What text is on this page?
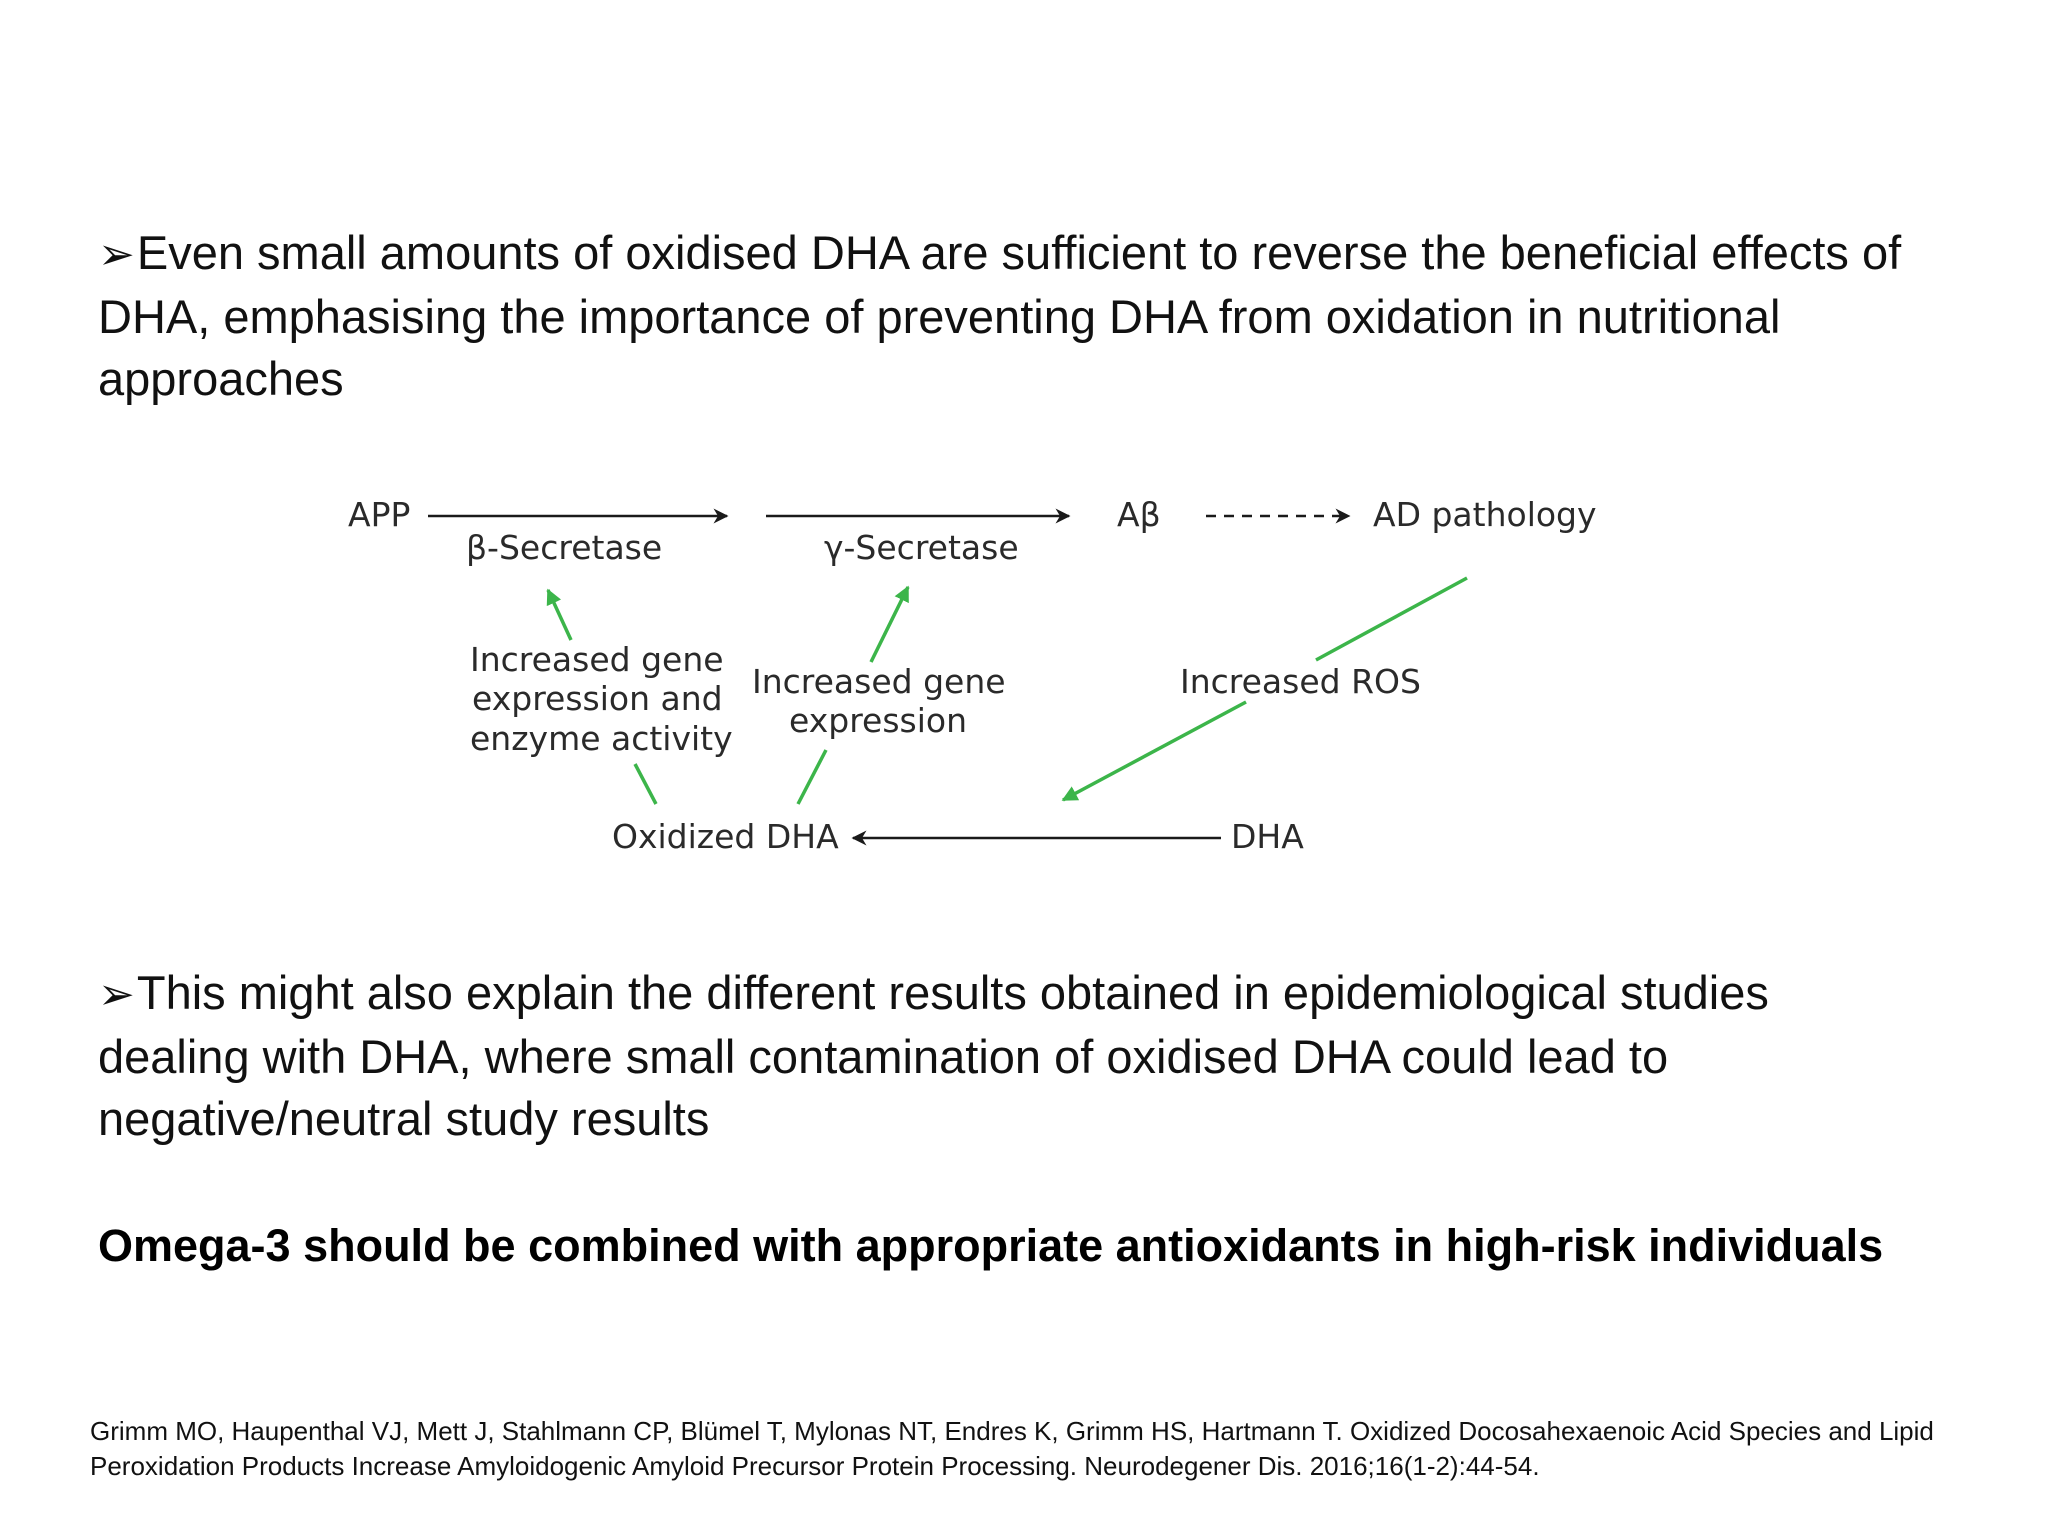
➢Even small amounts of oxidised DHA are sufficient to reverse the beneficial effects of DHA, emphasising the importance of preventing DHA from oxidation in nutritional approaches
APP
β-Secretase	γ-Secretase
Aβ	AD pathology
Oxidized DHA	DHA
Increased gene
expression and
enzyme activity
Increased gene
expression
Increased ROS
➢This might also explain the different results obtained in epidemiological studies dealing with DHA, where small contamination of oxidised DHA could lead to negative/neutral study results
Omega-3 should be combined with appropriate antioxidants in high-risk individuals
Grimm MO, Haupenthal VJ, Mett J, Stahlmann CP, Blümel T, Mylonas NT, Endres K, Grimm HS, Hartmann T. Oxidized Docosahexaenoic Acid Species and Lipid Peroxidation Products Increase Amyloidogenic Amyloid Precursor Protein Processing. Neurodegener Dis. 2016;16(1-2):44-54.
